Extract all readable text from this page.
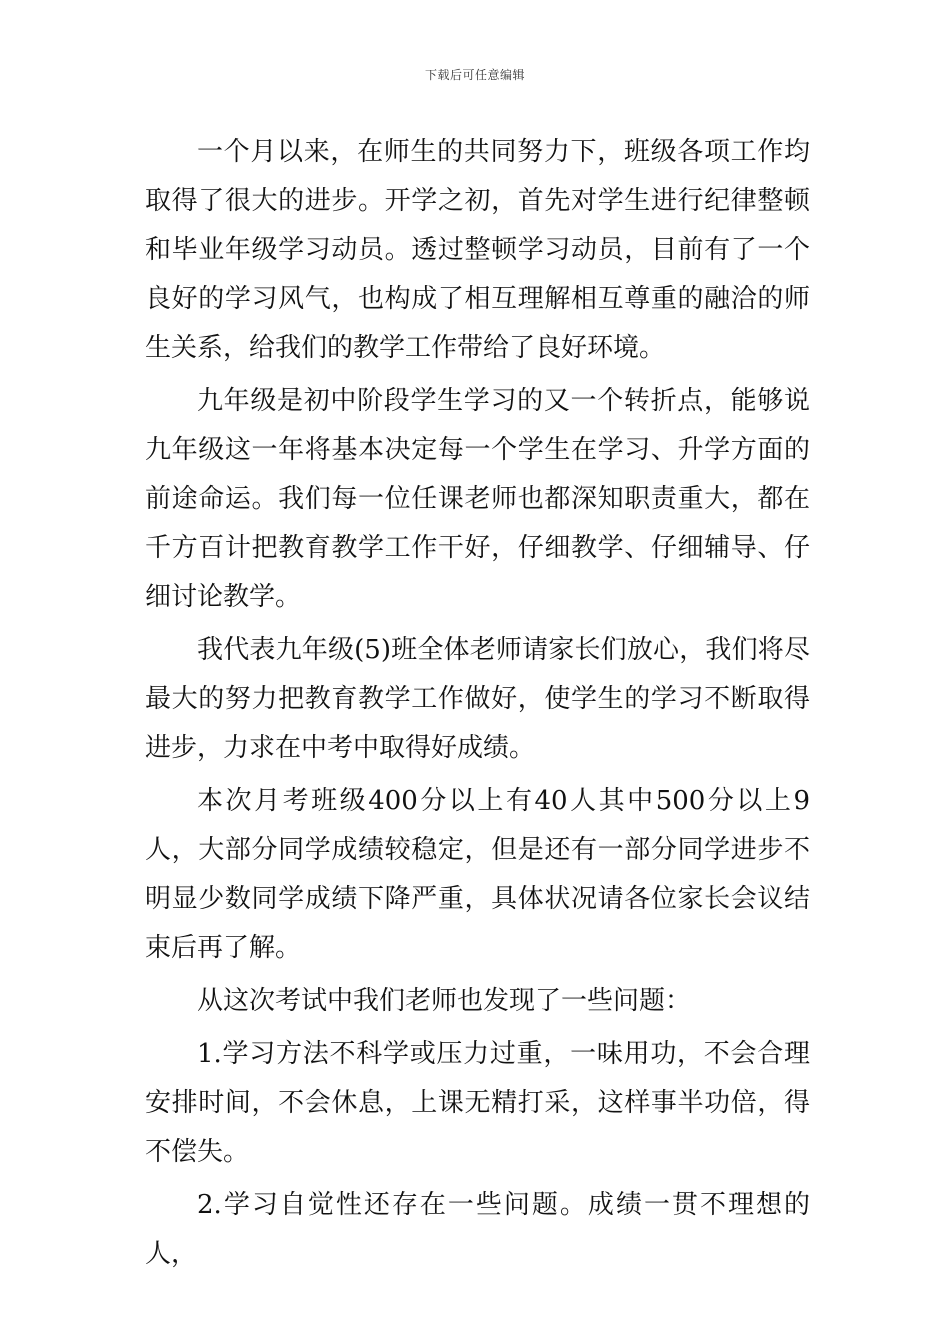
下载后可任意编辑

一个月以来，在师生的共同努力下，班级各项工作均取得了很大的进步。开学之初，首先对学生进行纪律整顿和毕业年级学习动员。透过整顿学习动员，目前有了一个良好的学习风气，也构成了相互理解相互尊重的融洽的师生关系，给我们的教学工作带给了良好环境。

九年级是初中阶段学生学习的又一个转折点，能够说九年级这一年将基本决定每一个学生在学习、升学方面的前途命运。我们每一位任课老师也都深知职责重大，都在千方百计把教育教学工作干好，仔细教学、仔细辅导、仔细讨论教学。

我代表九年级(5)班全体老师请家长们放心，我们将尽最大的努力把教育教学工作做好，使学生的学习不断取得进步，力求在中考中取得好成绩。

本次月考班级400分以上有40人其中500分以上9人，大部分同学成绩较稳定，但是还有一部分同学进步不明显少数同学成绩下降严重，具体状况请各位家长会议结束后再了解。

从这次考试中我们老师也发现了一些问题：

1.学习方法不科学或压力过重，一味用功，不会合理安排时间，不会休息，上课无精打采，这样事半功倍，得不偿失。

2.学习自觉性还存在一些问题。成绩一贯不理想的人，
